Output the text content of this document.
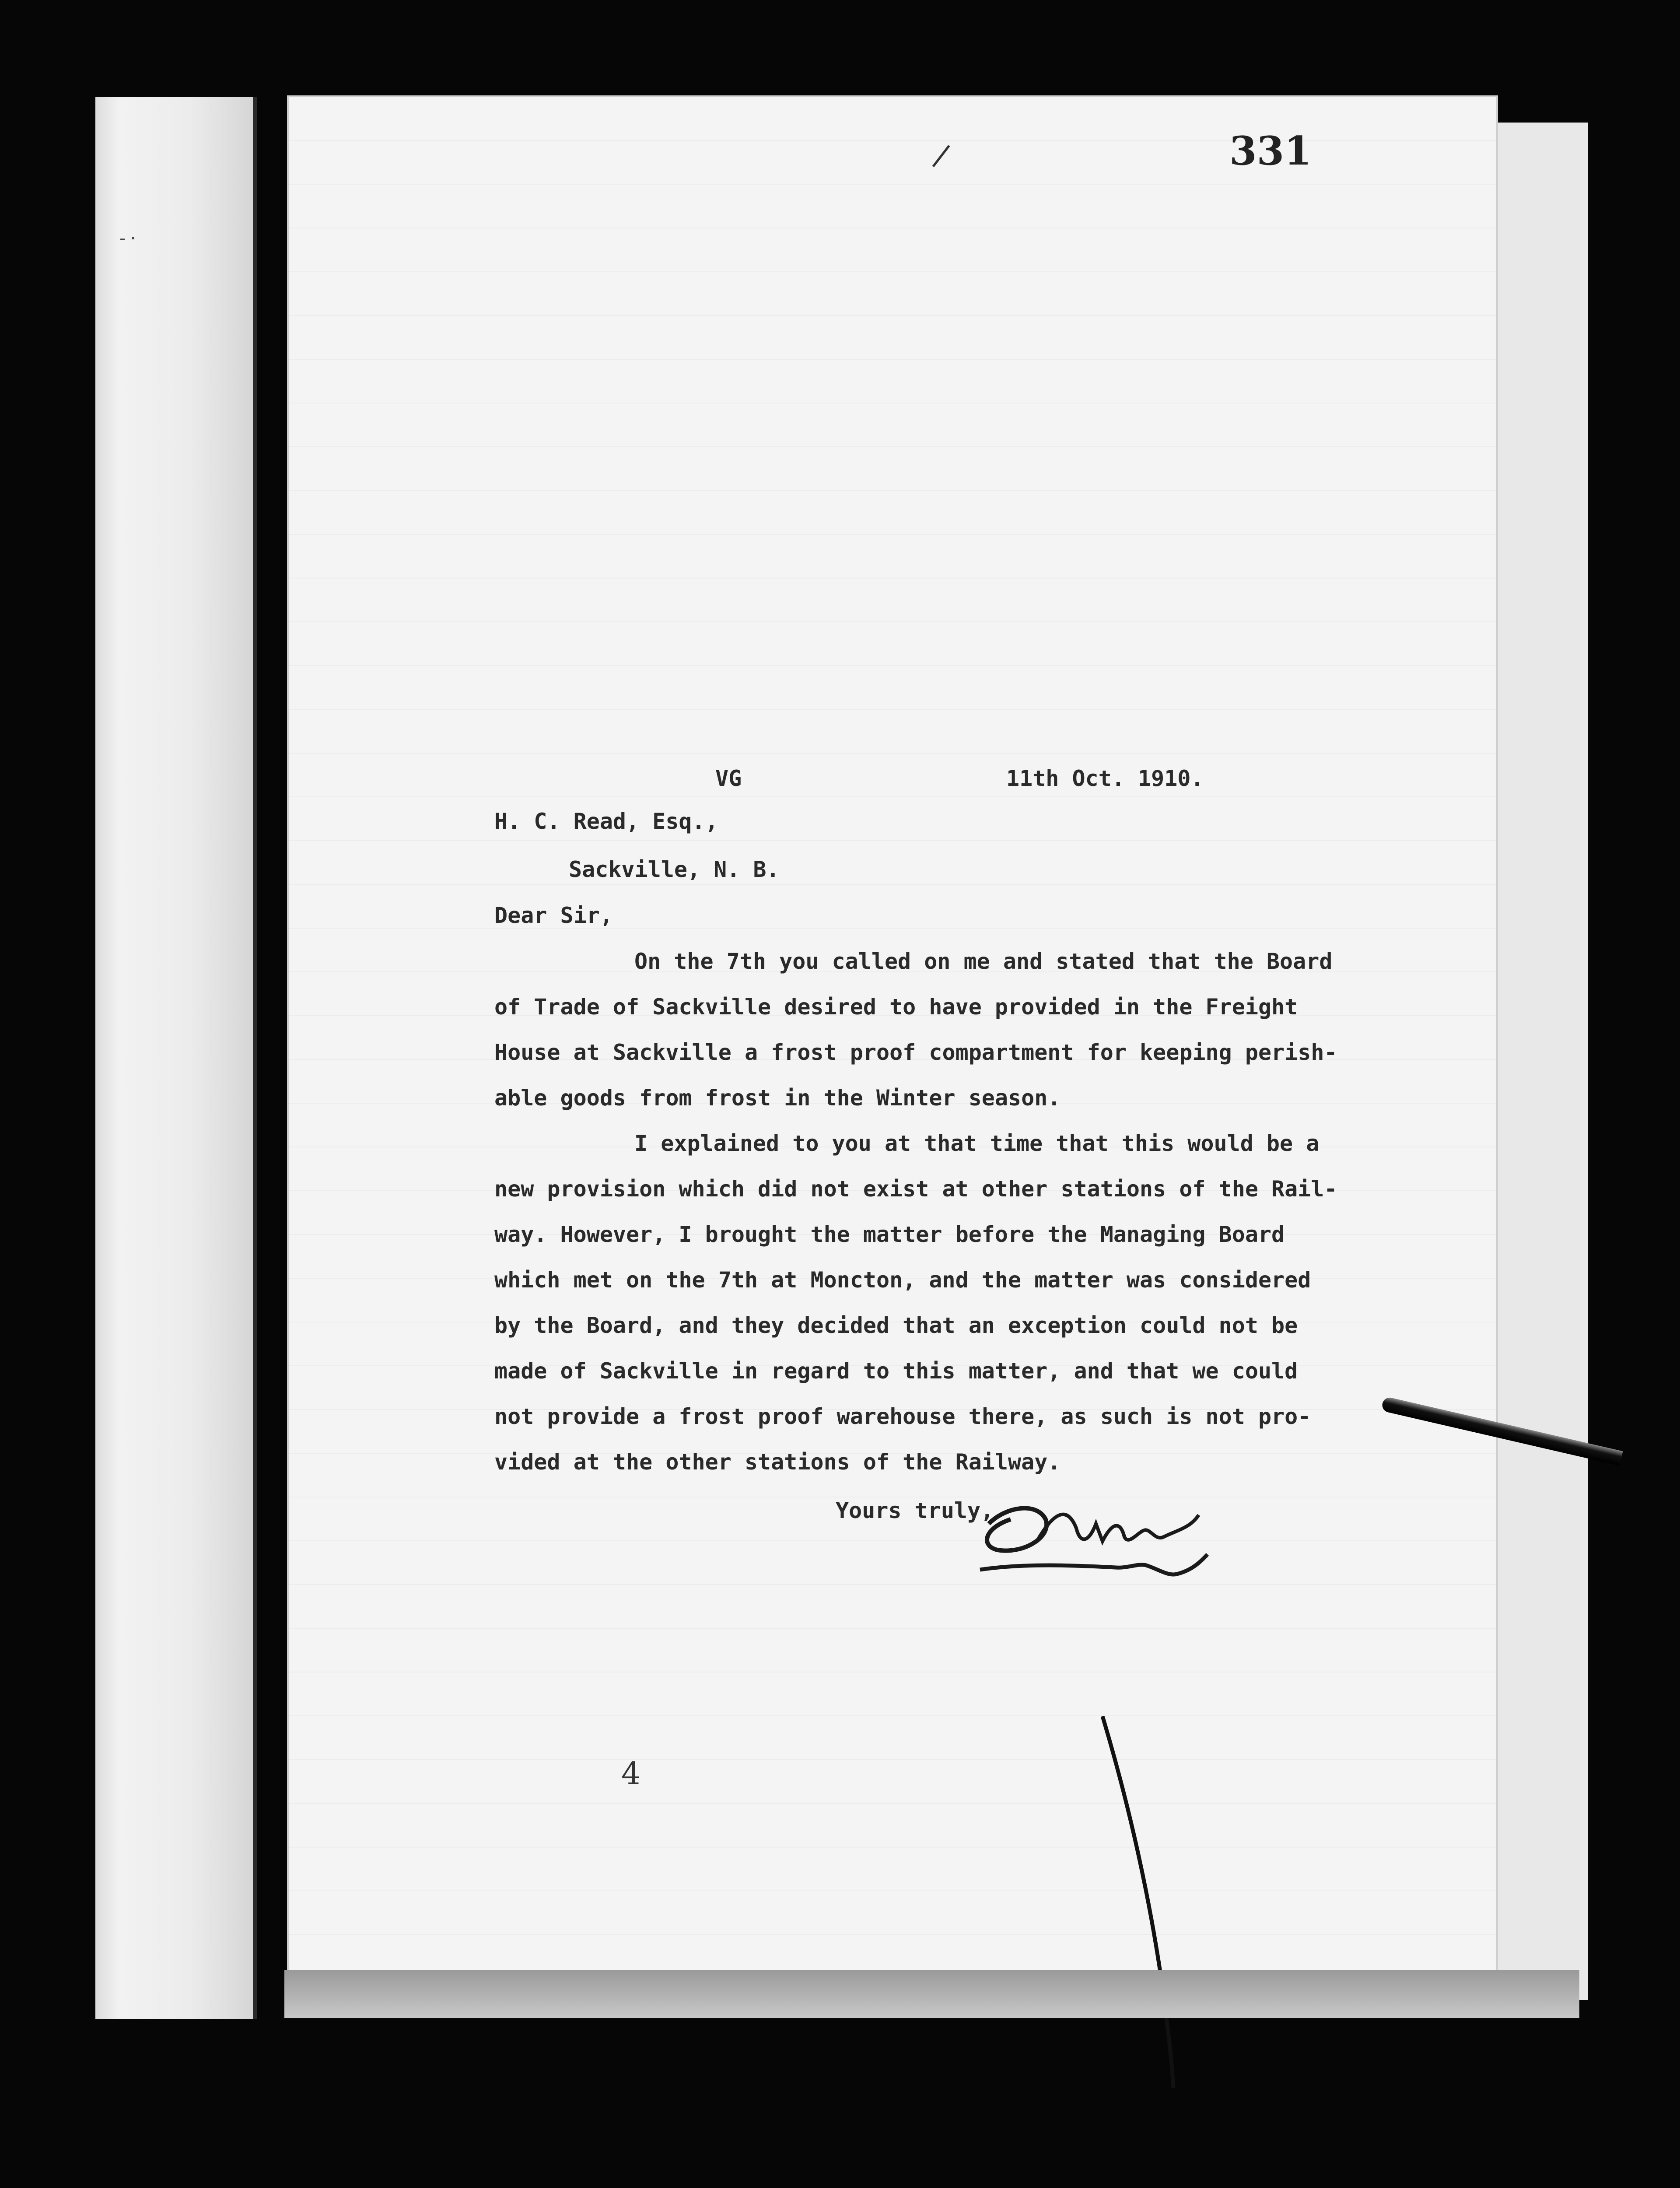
-·
/	331
VG	11th Oct. 1910.
H. C. Read, Esq.,
Sackville, N. B.
Dear Sir,
On the 7th you called on me and stated that the Board
of Trade of Sackville desired to have provided in the Freight
House at Sackville a frost proof compartment for keeping perish-
able goods from frost in the Winter season.
I explained to you at that time that this would be a
new provision which did not exist at other stations of the Rail-
way. However, I brought the matter before the Managing Board
which met on the 7th at Moncton, and the matter was considered
by the Board, and they decided that an exception could not be
made of Sackville in regard to this matter, and that we could
not provide a frost proof warehouse there, as such is not pro-
vided at the other stations of the Railway.
Yours truly,
4
